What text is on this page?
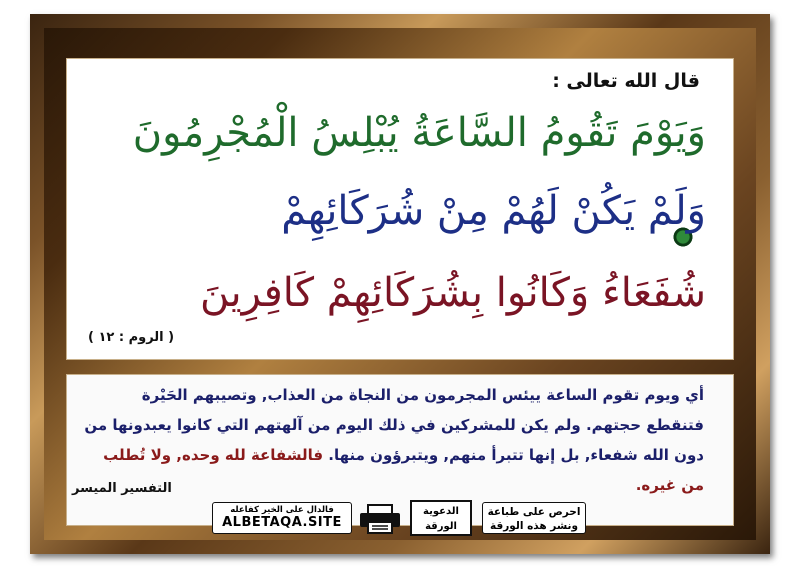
قال الله تعالى :
وَيَوْمَ تَقُومُ السَّاعَةُ يُبْلِسُ الْمُجْرِمُونَ
وَلَمْ يَكُنْ لَهُمْ مِنْ شُرَكَائِهِمْ
شُفَعَاءُ وَكَانُوا بِشُرَكَائِهِمْ كَافِرِينَ
( الروم : ١٢ )
أي ويوم تقوم الساعة ييئس المجرمون من النجاة من العذاب, وتصيبهم الحَيْرة فتنقطع حجتهم. ولم يكن للمشركين في ذلك اليوم من آلهتهم التي كانوا يعبدونها من دون الله شفعاء, بل إنها تتبرأ منهم, ويتبرؤون منها. فالشفاعة لله وحده, ولا تُطلب من غيره.
التفسير الميسر
احرص على طباعة ونشر هذه الورقة
الدعوية الورقة
فالدال على الخير كفاعله
ALBETAQA.SITE
